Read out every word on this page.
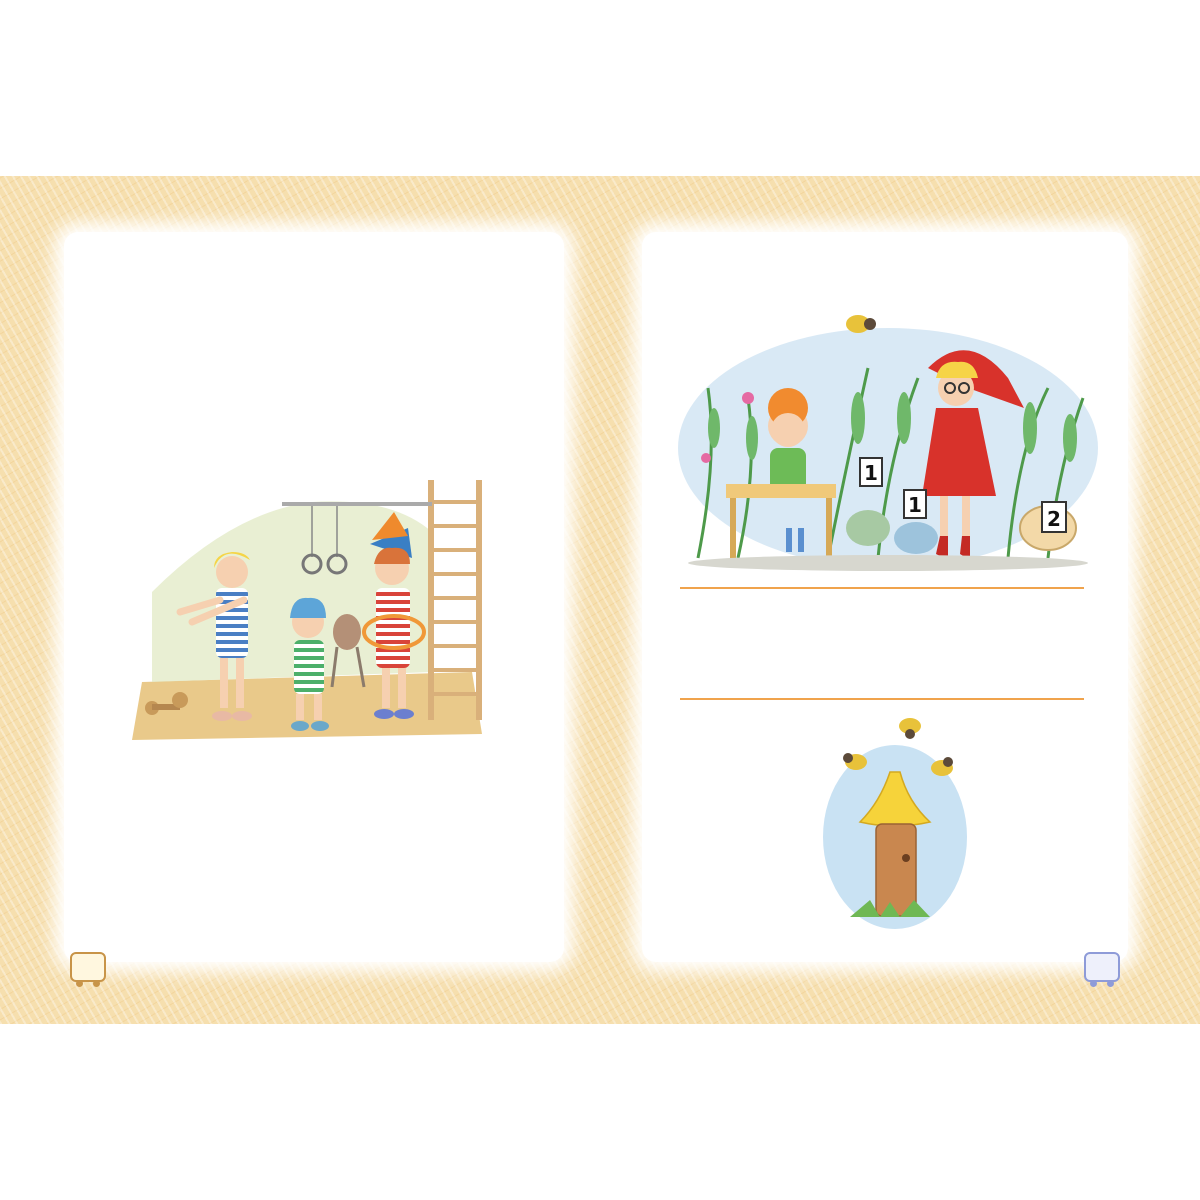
1
1
2
